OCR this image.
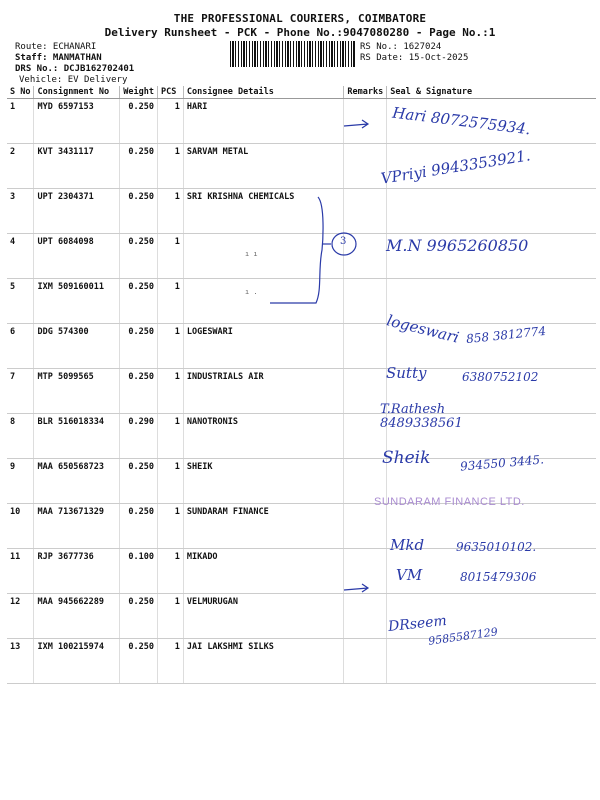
THE PROFESSIONAL COURIERS, COIMBATORE
Delivery Runsheet - PCK - Phone No.:9047080280 - Page No.:1
Route: ECHANARI
Staff: MANMATHAN
DRS No.: DCJB162702401
Vehicle: EV Delivery
RS No.: 1627024
RS Date: 15-Oct-2025
S No	Consignment No	Weight	PCS	Consignee Details	Remarks	Seal & Signature
1	MYD 6597153	0.250	1	HARI		
2	KVT 3431117	0.250	1	SARVAM METAL		
3	UPT 2304371	0.250	1	SRI KRISHNA CHEMICALS		
4	UPT 6084098	0.250	1			
5	IXM 509160011	0.250	1			
6	DDG 574300	0.250	1	LOGESWARI		
7	MTP 5099565	0.250	1	INDUSTRIALS AIR		
8	BLR 516018334	0.290	1	NANOTRONIS		
9	MAA 650568723	0.250	1	SHEIK		
10	MAA 713671329	0.250	1	SUNDARAM FINANCE		
11	RJP 3677736	0.100	1	MIKADO		
12	MAA 945662289	0.250	1	VELMURUGAN		
13	IXM 100215974	0.250	1	JAI LAKSHMI SILKS		
3
ı ı
ı .
Hari 8072575934.
VPriyi 9943353921.
M.N 9965260850
logeswari 858 3812774
Sutty	6380752102
T.Rathesh
8489338561
Sheik 934550 3445.
SUNDARAM FINANCE LTD.
Mkd	9635010102.
VM	8015479306
DRseem
9585587129
